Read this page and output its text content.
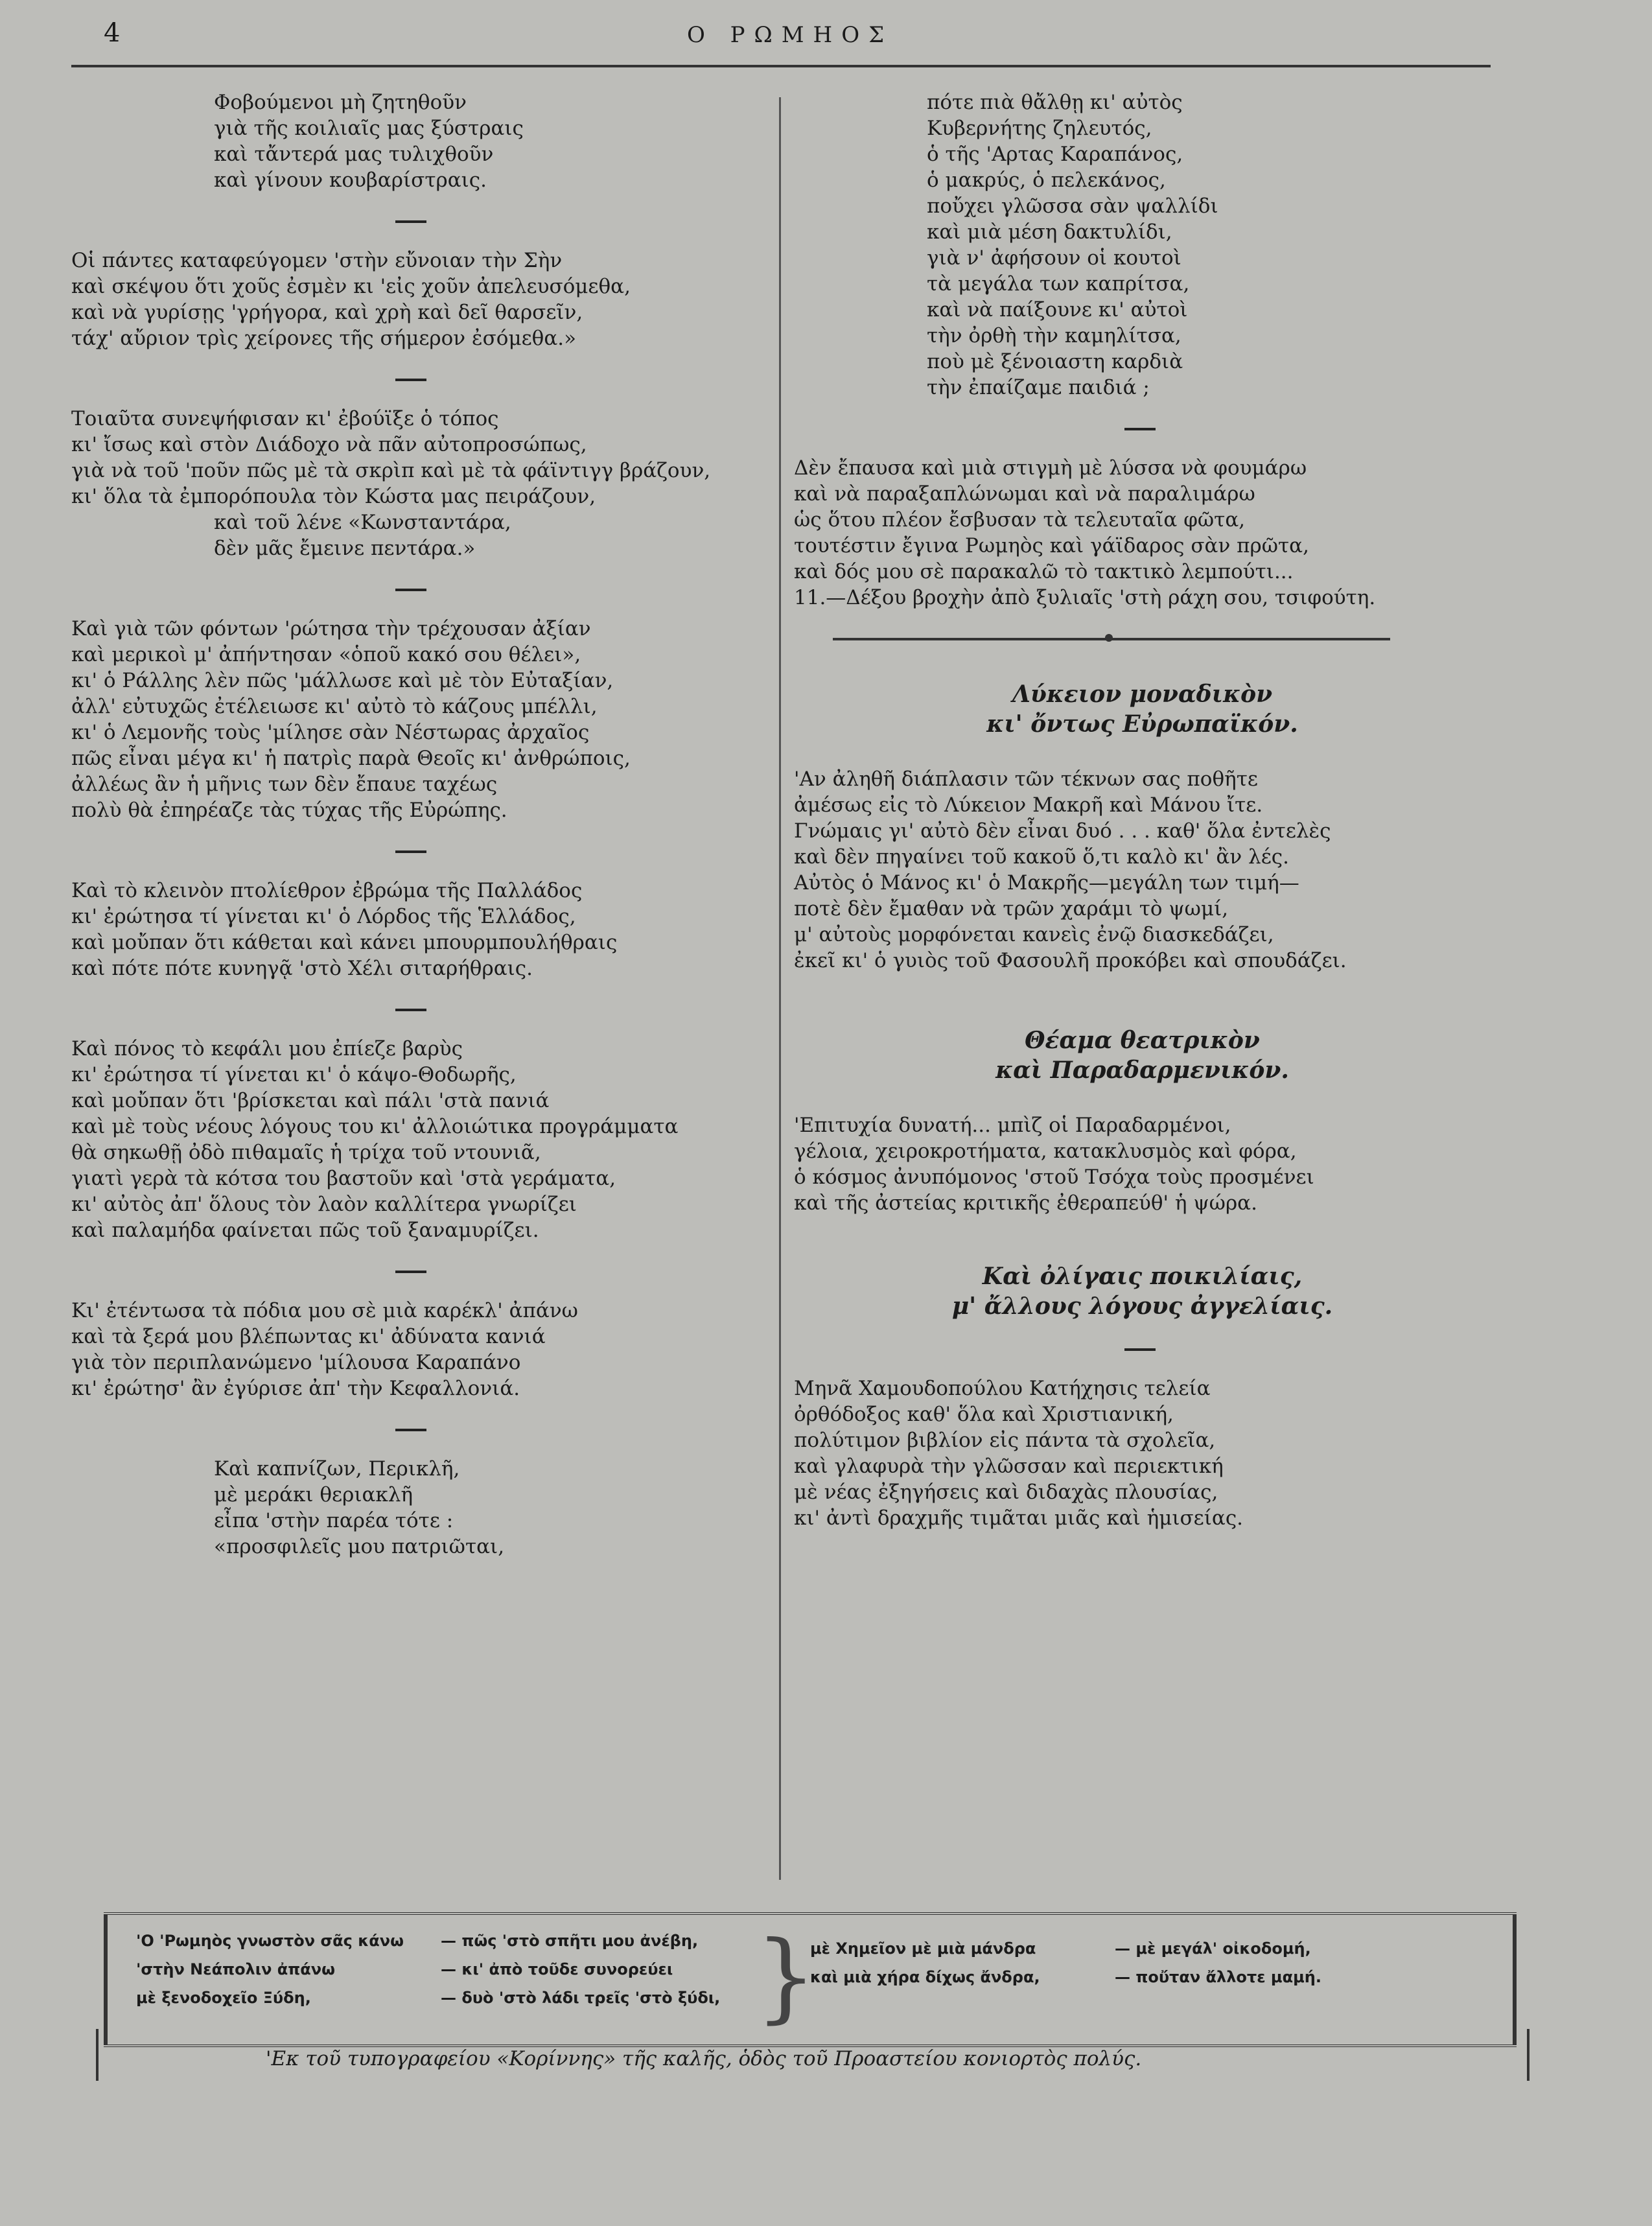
4	Ο ΡΩΜΗΟΣ
Φοβούμενοι μὴ ζητηθοῦν
γιὰ τῆς κοιλιαῖς μας ξύστραις
καὶ τἄντερά μας τυλιχθοῦν
καὶ γίνουν κουβαρίστραις.
Οἱ πάντες καταφεύγομεν 'στὴν εὔνοιαν τὴν Σὴν
καὶ σκέψου ὅτι χοῦς ἐσμὲν κι 'εἰς χοῦν ἀπελευσόμεθα,
καὶ νὰ γυρίσῃς 'γρήγορα, καὶ χρὴ καὶ δεῖ θαρσεῖν,
τάχ' αὔριον τρὶς χείρονες τῆς σήμερον ἐσόμεθα.»
Τοιαῦτα συνεψήφισαν κι' ἐβούϊξε ὁ τόπος
κι' ἴσως καὶ στὸν Διάδοχο νὰ πᾶν αὐτοπροσώπως,
γιὰ νὰ τοῦ 'ποῦν πῶς μὲ τὰ σκρὶπ καὶ μὲ τὰ φάϊντιγγ βράζουν,
κι' ὅλα τὰ ἐμπορόπουλα τὸν Κώστα μας πειράζουν,
καὶ τοῦ λένε «Κωνσταντάρα,
δὲν μᾶς ἔμεινε πεντάρα.»
Καὶ γιὰ τῶν φόντων 'ρώτησα τὴν τρέχουσαν ἀξίαν
καὶ μερικοὶ μ' ἀπήντησαν «ὁποῦ κακό σου θέλει»,
κι' ὁ Ράλλης λὲν πῶς 'μάλλωσε καὶ μὲ τὸν Εὐταξίαν,
ἀλλ' εὐτυχῶς ἐτέλειωσε κι' αὐτὸ τὸ κάζους μπέλλι,
κι' ὁ Λεμονῆς τοὺς 'μίλησε σὰν Νέστωρας ἀρχαῖος
πῶς εἶναι μέγα κι' ἡ πατρὶς παρὰ Θεοῖς κι' ἀνθρώποις,
ἀλλέως ἂν ἡ μῆνις των δὲν ἔπαυε ταχέως
πολὺ θὰ ἐπηρέαζε τὰς τύχας τῆς Εὐρώπης.
Καὶ τὸ κλεινὸν πτολίεθρον ἐβρώμα τῆς Παλλάδος
κι' ἐρώτησα τί γίνεται κι' ὁ Λόρδος τῆς Ἑλλάδος,
καὶ μοὔπαν ὅτι κάθεται καὶ κάνει μπουρμπουλήθραις
καὶ πότε πότε κυνηγᾷ 'στὸ Χέλι σιταρήθραις.
Καὶ πόνος τὸ κεφάλι μου ἐπίεζε βαρὺς
κι' ἐρώτησα τί γίνεται κι' ὁ κάψο-Θοδωρῆς,
καὶ μοὔπαν ὅτι 'βρίσκεται καὶ πάλι 'στὰ πανιά
καὶ μὲ τοὺς νέους λόγους του κι' ἀλλοιώτικα προγράμματα
θὰ σηκωθῇ ὀδὸ πιθαμαῖς ἡ τρίχα τοῦ ντουνιᾶ,
γιατὶ γερὰ τὰ κότσα του βαστοῦν καὶ 'στὰ γεράματα,
κι' αὐτὸς ἀπ' ὅλους τὸν λαὸν καλλίτερα γνωρίζει
καὶ παλαμήδα φαίνεται πῶς τοῦ ξαναμυρίζει.
Κι' ἐτέντωσα τὰ πόδια μου σὲ μιὰ καρέκλ' ἀπάνω
καὶ τὰ ξερά μου βλέπωντας κι' ἀδύνατα κανιά
γιὰ τὸν περιπλανώμενο 'μίλουσα Καραπάνο
κι' ἐρώτησ' ἂν ἐγύρισε ἀπ' τὴν Κεφαλλονιά.
Καὶ καπνίζων, Περικλῆ,
μὲ μεράκι θεριακλῆ
εἶπα 'στὴν παρέα τότε :
«προσφιλεῖς μου πατριῶται,
πότε πιὰ θἄλθῃ κι' αὐτὸς
Κυβερνήτης ζηλευτός,
ὁ τῆς 'Αρτας Καραπάνος,
ὁ μακρύς, ὁ πελεκάνος,
ποὔχει γλῶσσα σὰν ψαλλίδι
καὶ μιὰ μέση δακτυλίδι,
γιὰ ν' ἀφήσουν οἱ κουτοὶ
τὰ μεγάλα των καπρίτσα,
καὶ νὰ παίξουνε κι' αὐτοὶ
τὴν ὀρθὴ τὴν καμηλίτσα,
ποὺ μὲ ξένοιαστη καρδιὰ
τὴν ἐπαίζαμε παιδιά ;
Δὲν ἔπαυσα καὶ μιὰ στιγμὴ μὲ λύσσα νὰ φουμάρω
καὶ νὰ παραξαπλώνωμαι καὶ νὰ παραλιμάρω
ὡς ὅτου πλέον ἔσβυσαν τὰ τελευταῖα φῶτα,
τουτέστιν ἔγινα Ρωμηὸς καὶ γάϊδαρος σὰν πρῶτα,
καὶ δός μου σὲ παρακαλῶ τὸ τακτικὸ λεμπούτι...
11.—Δέξου βροχὴν ἀπὸ ξυλιαῖς 'στὴ ράχη σου, τσιφούτη.
Λύκειον μοναδικὸν
κι' ὄντως Εὐρωπαϊκόν.
'Αν ἀληθῆ διάπλασιν τῶν τέκνων σας ποθῆτε
ἀμέσως εἰς τὸ Λύκειον Μακρῆ καὶ Μάνου ἴτε.
Γνώμαις γι' αὐτὸ δὲν εἶναι δυό . . . καθ' ὅλα ἐντελὲς
καὶ δὲν πηγαίνει τοῦ κακοῦ ὅ,τι καλὸ κι' ἂν λές.
Αὐτὸς ὁ Μάνος κι' ὁ Μακρῆς—μεγάλη των τιμή—
ποτὲ δὲν ἔμαθαν νὰ τρῶν χαράμι τὸ ψωμί,
μ' αὐτοὺς μορφόνεται κανεὶς ἐνῷ διασκεδάζει,
ἐκεῖ κι' ὁ γυιὸς τοῦ Φασουλῆ προκόβει καὶ σπουδάζει.
Θέαμα θεατρικὸν
καὶ Παραδαρμενικόν.
'Επιτυχία δυνατή... μπὶζ οἱ Παραδαρμένοι,
γέλοια, χειροκροτήματα, κατακλυσμὸς καὶ φόρα,
ὁ κόσμος ἀνυπόμονος 'στοῦ Τσόχα τοὺς προσμένει
καὶ τῆς ἀστείας κριτικῆς ἐθεραπεύθ' ἡ ψώρα.
Καὶ ὀλίγαις ποικιλίαις,
μ' ἄλλους λόγους ἀγγελίαις.
Μηνᾶ Χαμουδοπούλου Κατήχησις τελεία
ὀρθόδοξος καθ' ὅλα καὶ Χριστιανική,
πολύτιμον βιβλίον εἰς πάντα τὰ σχολεῖα,
καὶ γλαφυρὰ τὴν γλῶσσαν καὶ περιεκτική
μὲ νέας ἐξηγήσεις καὶ διδαχὰς πλουσίας,
κι' ἀντὶ δραχμῆς τιμᾶται μιᾶς καὶ ἡμισείας.
'Ο 'Ρωμηὸς γνωστὸν σᾶς κάνω
'στὴν Νεάπολιν ἀπάνω
μὲ ξενοδοχεῖο Ξύδη,
— πῶς 'στὸ σπῆτι μου ἀνέβη,
— κι' ἀπὸ τοῦδε συνορεύει
— δυὸ 'στὸ λάδι τρεῖς 'στὸ ξύδι, }
μὲ Χημεῖον μὲ μιὰ μάνδρα
καὶ μιὰ χήρα δίχως ἄνδρα,
— μὲ μεγάλ' οἰκοδομή,
— ποὔταν ἄλλοτε μαμή.
'Εκ τοῦ τυπογραφείου «Κορίννης» τῆς καλῆς, ὁδὸς τοῦ Προαστείου κονιορτὸς πολύς.
